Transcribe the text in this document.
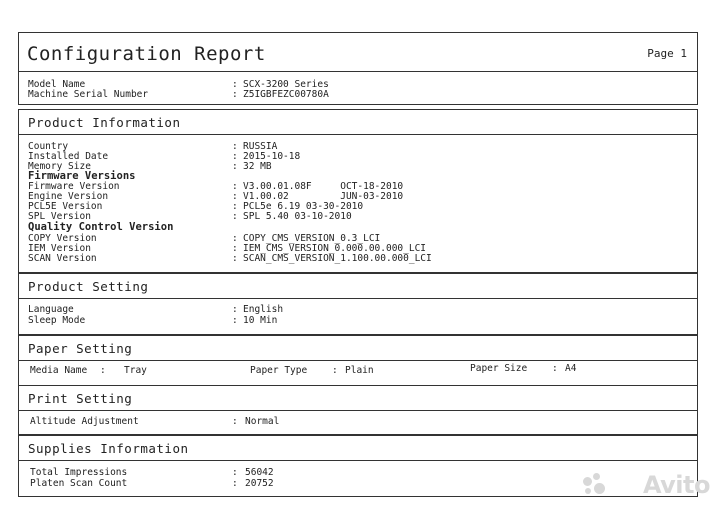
Configuration Report	Page 1
Model Name	: SCX-3200 Series
Machine Serial Number	: Z5IGBFEZC00780A
Product Information
Country	: RUSSIA
Installed Date	: 2015-10-18
Memory Size	: 32 MB
Firmware Versions
Firmware Version	: V3.00.01.08F     OCT-18-2010
Engine Version	: V1.00.02         JUN-03-2010
PCL5E Version	: PCL5e 6.19 03-30-2010
SPL Version	: SPL 5.40 03-10-2010
Quality Control Version
COPY Version	: COPY_CMS_VERSION_0.3_LCI
IEM Version	: IEM_CMS_VERSION_0.000.00.000_LCI
SCAN Version	: SCAN_CMS_VERSION_1.100.00.000_LCI
Product Setting
Language	: English
Sleep Mode	: 10 Min
Paper Setting
Media Name : Tray	Paper Type	: Plain	Paper Size	: A4
Print Setting
Altitude Adjustment	: Normal
Supplies Information
Total Impressions	: 56042
Platen Scan Count	: 20752	Avito
